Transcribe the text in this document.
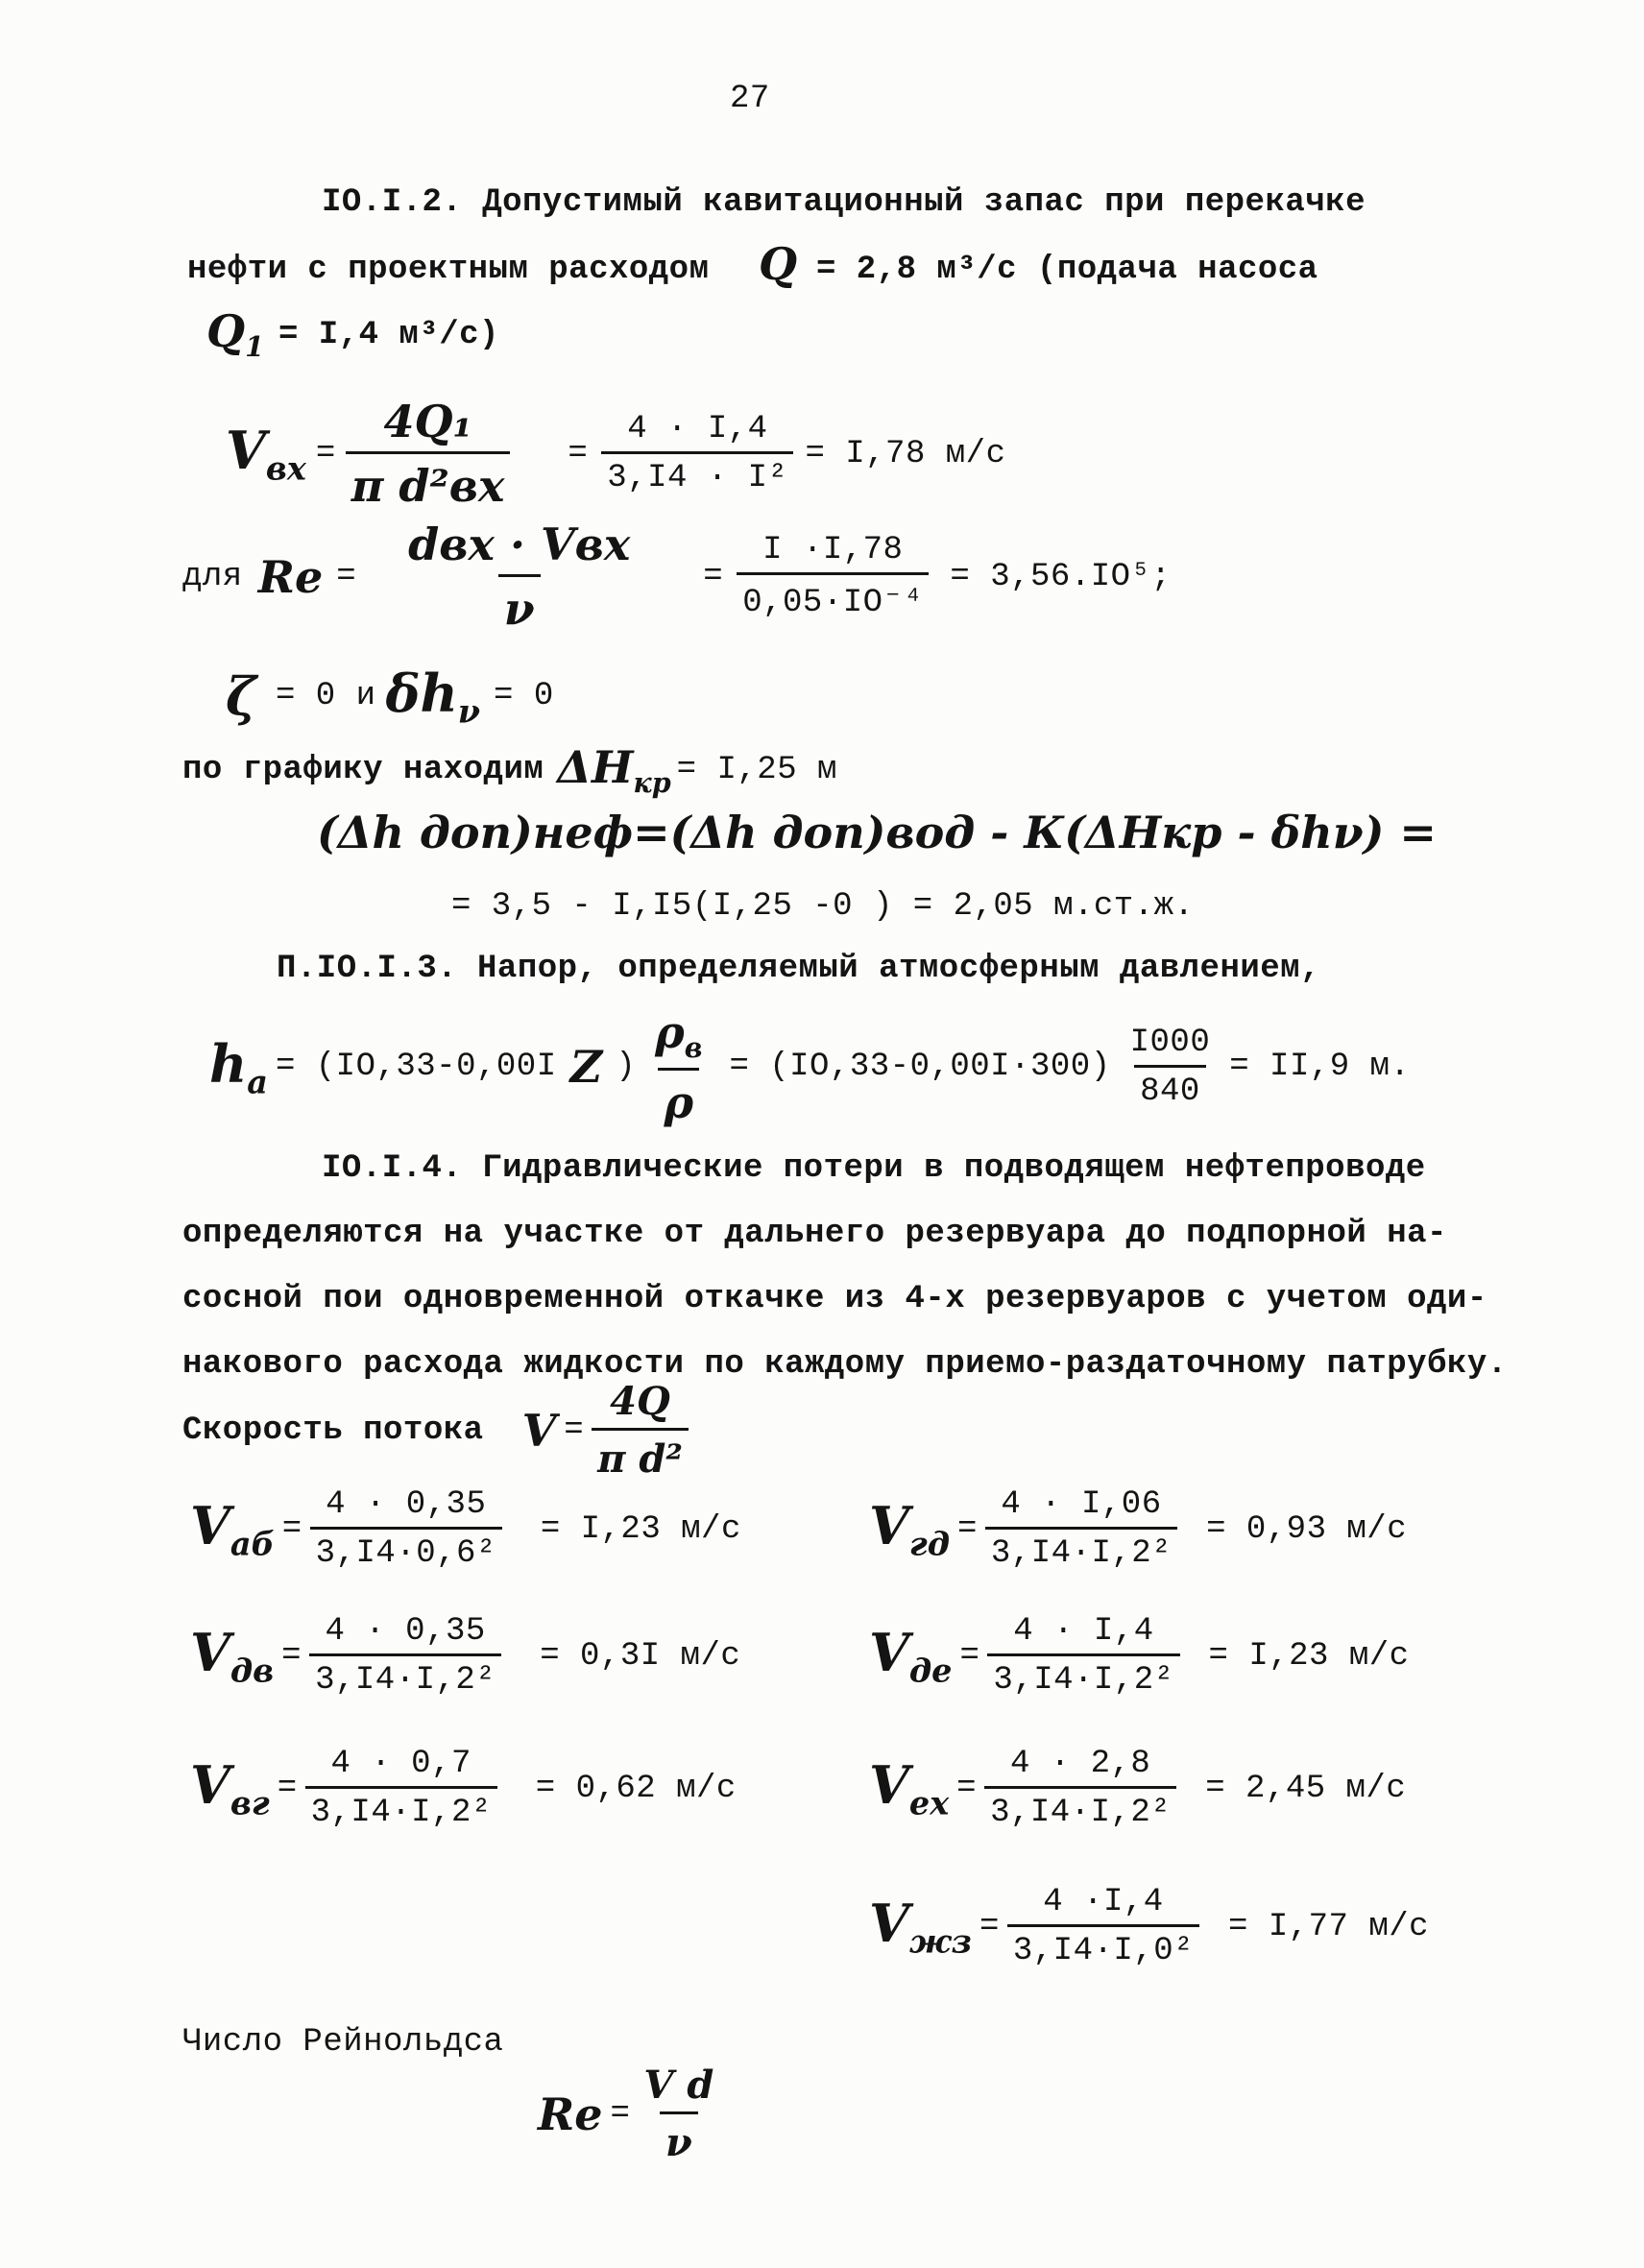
27
IO.I.2. Допустимый кавитационный запас при перекачке
нефти с проектным расходом Q = 2,8 м³/с (подача насоса
$Q_1 = I,4$ м³/с)
$V_{вх} = \frac{\text{4Q₁}}{\text{π d²вх}} = \frac{4 \cdot I,4}{\text{3,I4 · I²}} = I,78$ м/с
для $Re = \frac{\text{dвх · Vвх}}{\nu} = \frac{I \cdot I,78}{\text{0,05·IO⁻⁴}} = 3,56.IO^5$;
ζ = 0 и $\delta h_\nu = 0$
по графику находим $\Delta H_{кр} = I,25$ м
(Δh доп)неф=(Δh доп)вод - К(ΔНкр - δhν) =
= 3,5 - I,I5(I,25 -0 ) = 2,05 м.ст.ж.
П.IO.I.3. Напор, определяемый атмосферным давлением,
$h_а = (IO,33-0,00I$ Z ) $\frac{\rho_в}{\rho} = (IO,33-0,00I\cdot 300) \frac{I000}{840} = II,9$ м.
IO.I.4. Гидравлические потери в подводящем нефтепроводе
определяются на участке от дальнего резервуара до подпорной на-
сосной пои одновременной откачке из 4-х резервуаров с учетом оди-
накового расхода жидкости по каждому приемо-раздаточному патрубку.
Скорость потока $V = \frac{4Q}{\text{π d²}}$
$V_{аб} = \frac{4 \cdot 0,35}{\text{3,I4·0,6²}} = I,23$ м/с
$V_{дв} = \frac{4 \cdot 0,35}{\text{3,I4·I,2²}} = 0,3I$ м/с
$V_{вг} = \frac{4 \cdot 0,7}{\text{3,I4·I,2²}} = 0,62$ м/с
$V_{гд} = \frac{4 \cdot I,06}{\text{3,I4·I,2²}} = 0,93$ м/с
$V_{де} = \frac{4 \cdot I,4}{\text{3,I4·I,2²}} = I,23$ м/с
$V_{ех} = \frac{4 \cdot 2,8}{\text{3,I4·I,2²}} = 2,45$ м/с
$V_{жз} = \frac{4 \cdot I,4}{\text{3,I4·I,0²}} = I,77$ м/с
Число Рейнольдса
$Re = \frac{\text{V d}}{\nu}$
